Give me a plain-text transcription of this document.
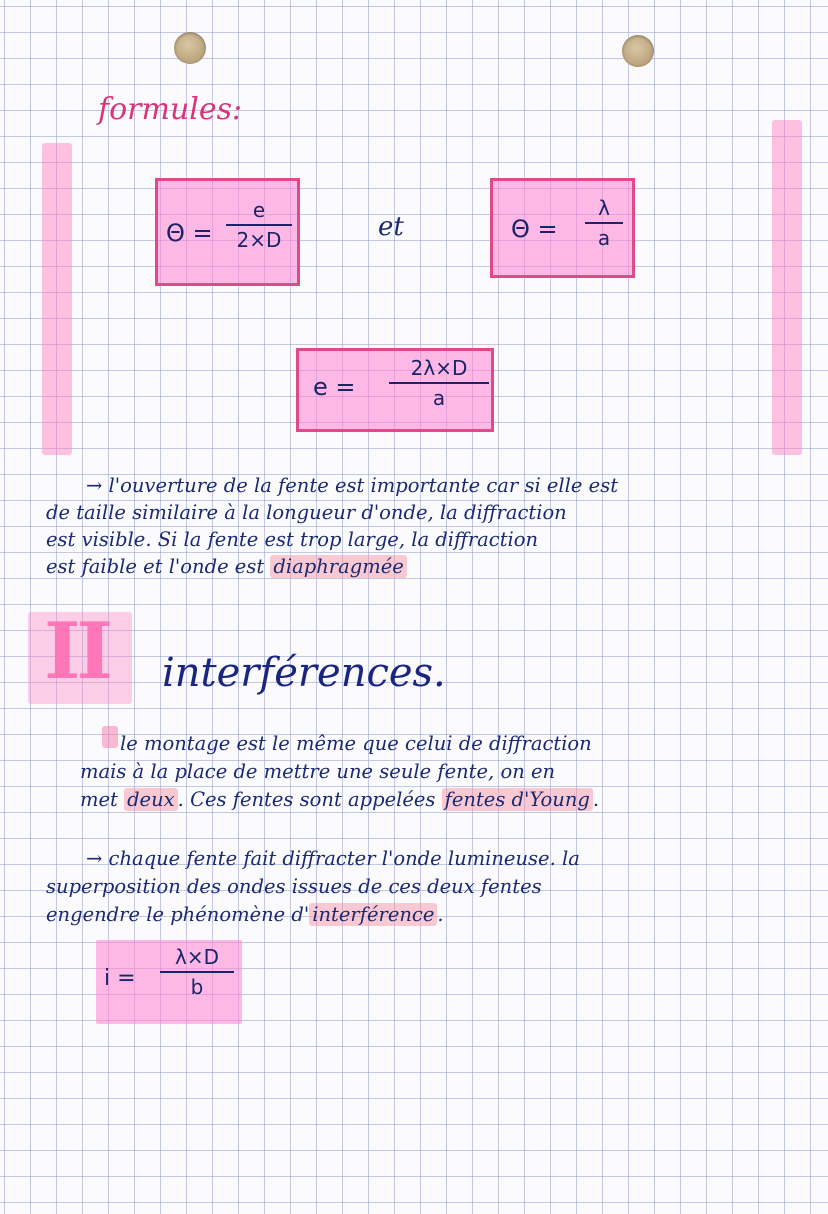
formules:
Θ =
e
2×D	et	Θ =
λ
a
e =
2λ×D
a
→ l'ouverture de la fente est importante car si elle est
de taille similaire à la longueur d'onde, la diffraction
est visible. Si la fente est trop large, la diffraction
est faible et l'onde est diaphragmée
II interférences.
le montage est le même que celui de diffraction
mais à la place de mettre une seule fente, on en
met deux . Ces fentes sont appelées fentes d'Young .
→ chaque fente fait diffracter l'onde lumineuse. la
superposition des ondes issues de ces deux fentes
engendre le phénomène d' interférence .
i =
λ×D
b
